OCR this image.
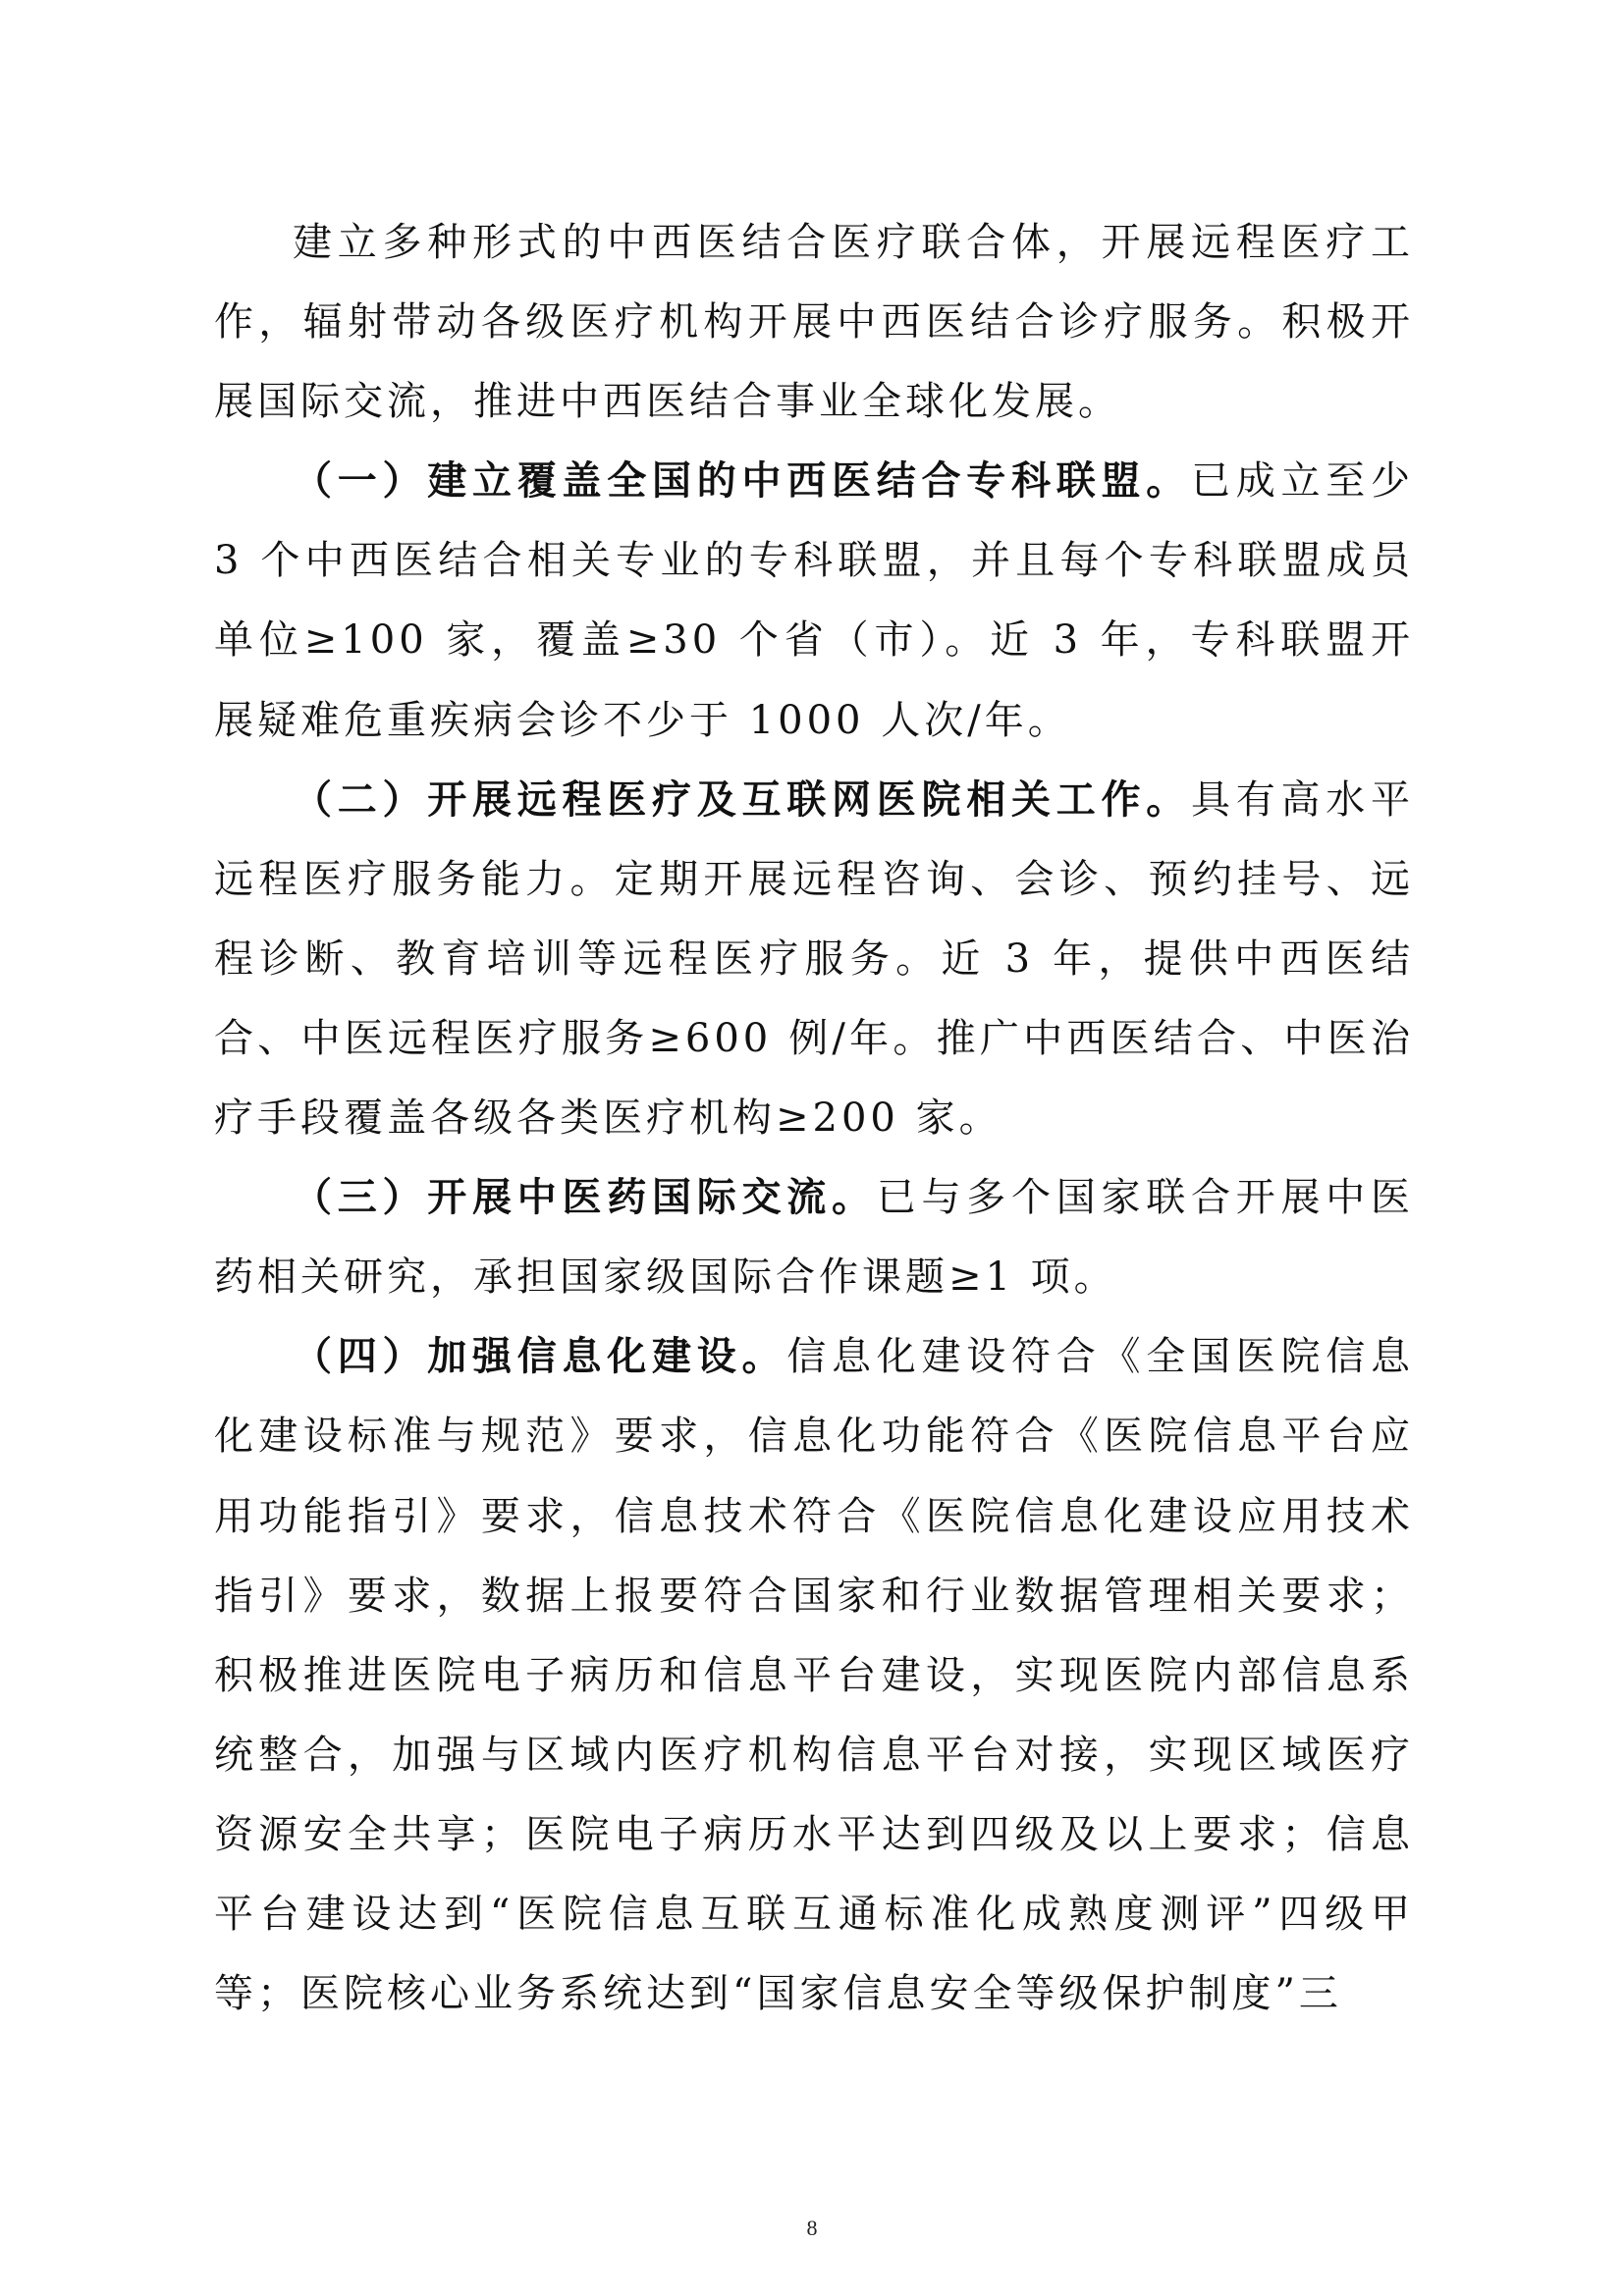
建立多种形式的中西医结合医疗联合体，开展远程医疗工作，辐射带动各级医疗机构开展中西医结合诊疗服务。积极开展国际交流，推进中西医结合事业全球化发展。

（一）建立覆盖全国的中西医结合专科联盟。已成立至少 3 个中西医结合相关专业的专科联盟，并且每个专科联盟成员单位≥100 家，覆盖≥30 个省（市）。近 3 年，专科联盟开展疑难危重疾病会诊不少于 1000 人次/年。

（二）开展远程医疗及互联网医院相关工作。具有高水平远程医疗服务能力。定期开展远程咨询、会诊、预约挂号、远程诊断、教育培训等远程医疗服务。近 3 年，提供中西医结合、中医远程医疗服务≥600 例/年。推广中西医结合、中医治疗手段覆盖各级各类医疗机构≥200 家。

（三）开展中医药国际交流。已与多个国家联合开展中医药相关研究，承担国家级国际合作课题≥1 项。

（四）加强信息化建设。信息化建设符合《全国医院信息化建设标准与规范》要求，信息化功能符合《医院信息平台应用功能指引》要求，信息技术符合《医院信息化建设应用技术指引》要求，数据上报要符合国家和行业数据管理相关要求；积极推进医院电子病历和信息平台建设，实现医院内部信息系统整合，加强与区域内医疗机构信息平台对接，实现区域医疗资源安全共享；医院电子病历水平达到四级及以上要求；信息平台建设达到“医院信息互联互通标准化成熟度测评”四级甲等；医院核心业务系统达到“国家信息安全等级保护制度”三

8
